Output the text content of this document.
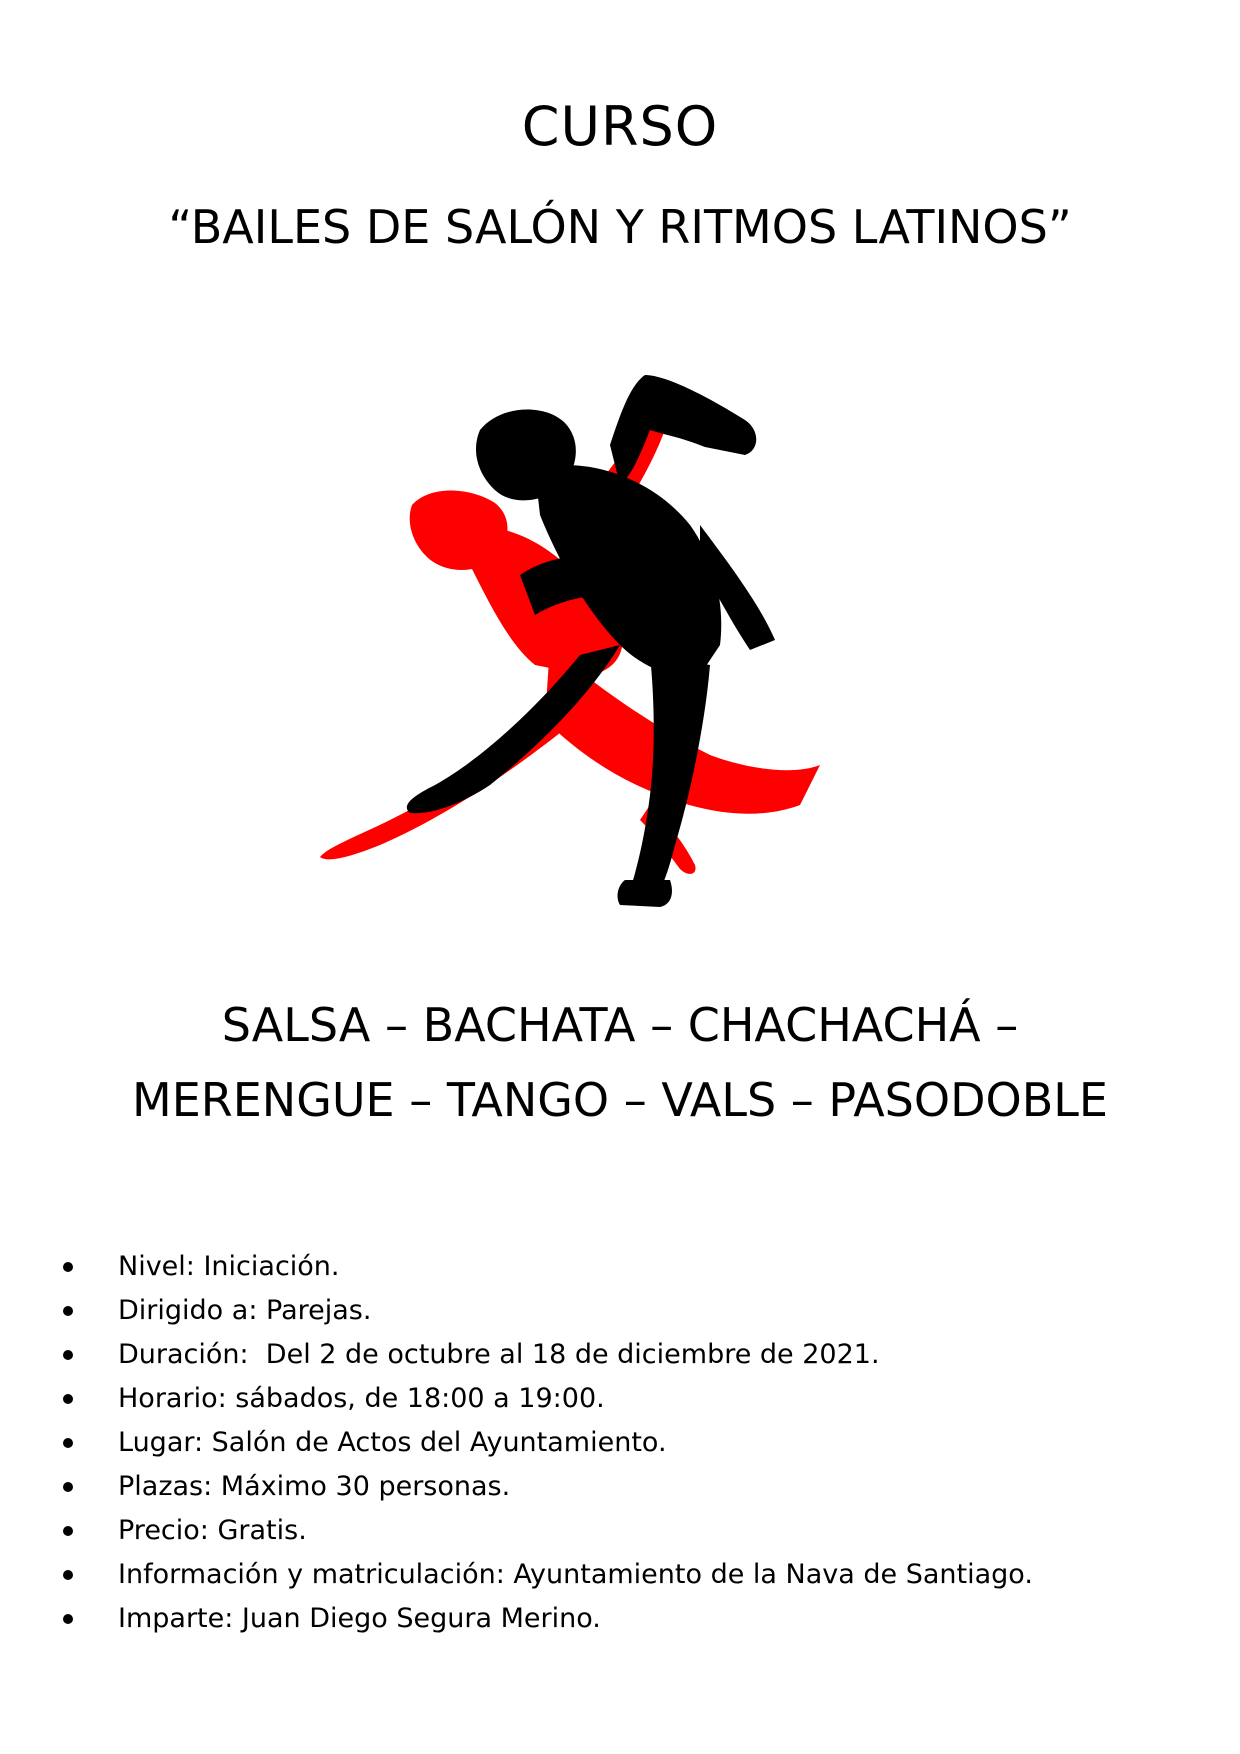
CURSO
“BAILES DE SALÓN Y RITMOS LATINOS”

SALSA – BACHATA – CHACHACHÁ –

MERENGUE – TANGO – VALS – PASODOBLE

Nivel: Iniciación.
Dirigido a: Parejas.
Duración:  Del 2 de octubre al 18 de diciembre de 2021.
Horario: sábados, de 18:00 a 19:00.
Lugar: Salón de Actos del Ayuntamiento.
Plazas: Máximo 30 personas.
Precio: Gratis.
Información y matriculación: Ayuntamiento de la Nava de Santiago.
Imparte: Juan Diego Segura Merino.
